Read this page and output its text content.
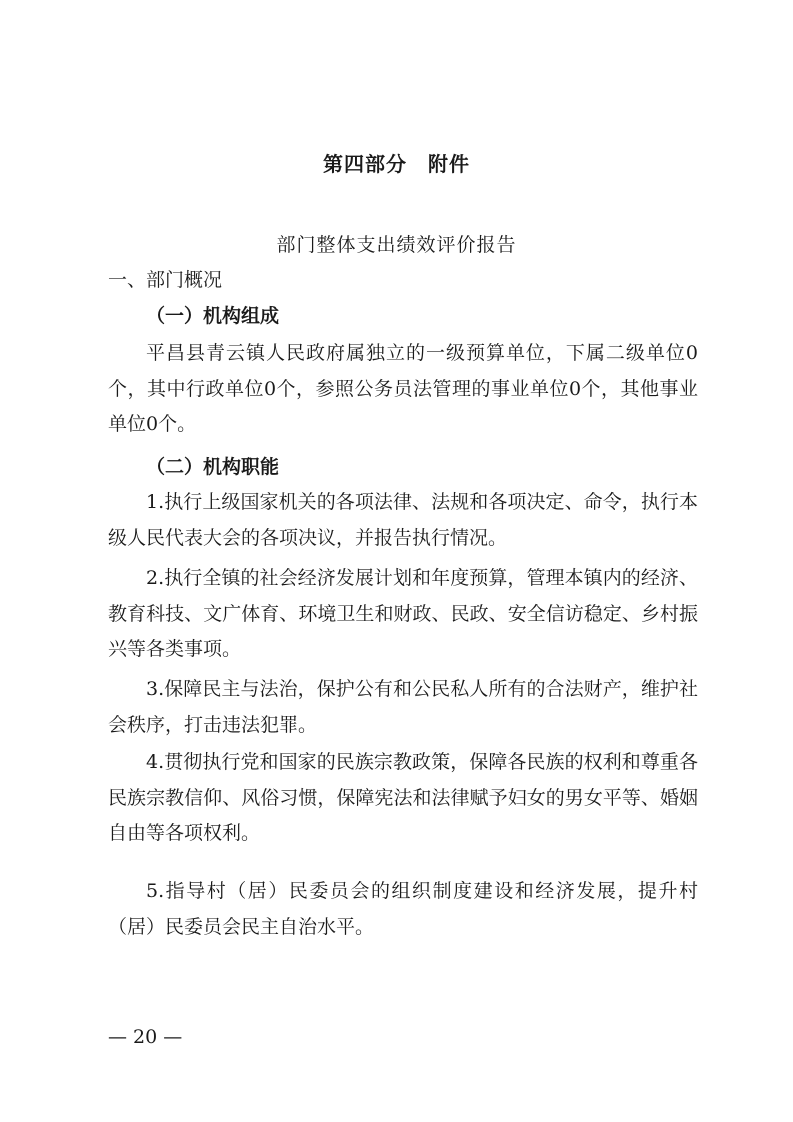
第四部分　附件
部门整体支出绩效评价报告
一、部门概况
（一）机构组成
平昌县青云镇人民政府属独立的一级预算单位，下属二级单位0个，其中行政单位0个，参照公务员法管理的事业单位0个，其他事业单位0个。
（二）机构职能
1.执行上级国家机关的各项法律、法规和各项决定、命令，执行本级人民代表大会的各项决议，并报告执行情况。
2.执行全镇的社会经济发展计划和年度预算，管理本镇内的经济、教育科技、文广体育、环境卫生和财政、民政、安全信访稳定、乡村振兴等各类事项。
3.保障民主与法治，保护公有和公民私人所有的合法财产，维护社会秩序，打击违法犯罪。
4.贯彻执行党和国家的民族宗教政策，保障各民族的权利和尊重各民族宗教信仰、风俗习惯，保障宪法和法律赋予妇女的男女平等、婚姻自由等各项权利。
5.指导村（居）民委员会的组织制度建设和经济发展，提升村（居）民委员会民主自治水平。
— 20 —
